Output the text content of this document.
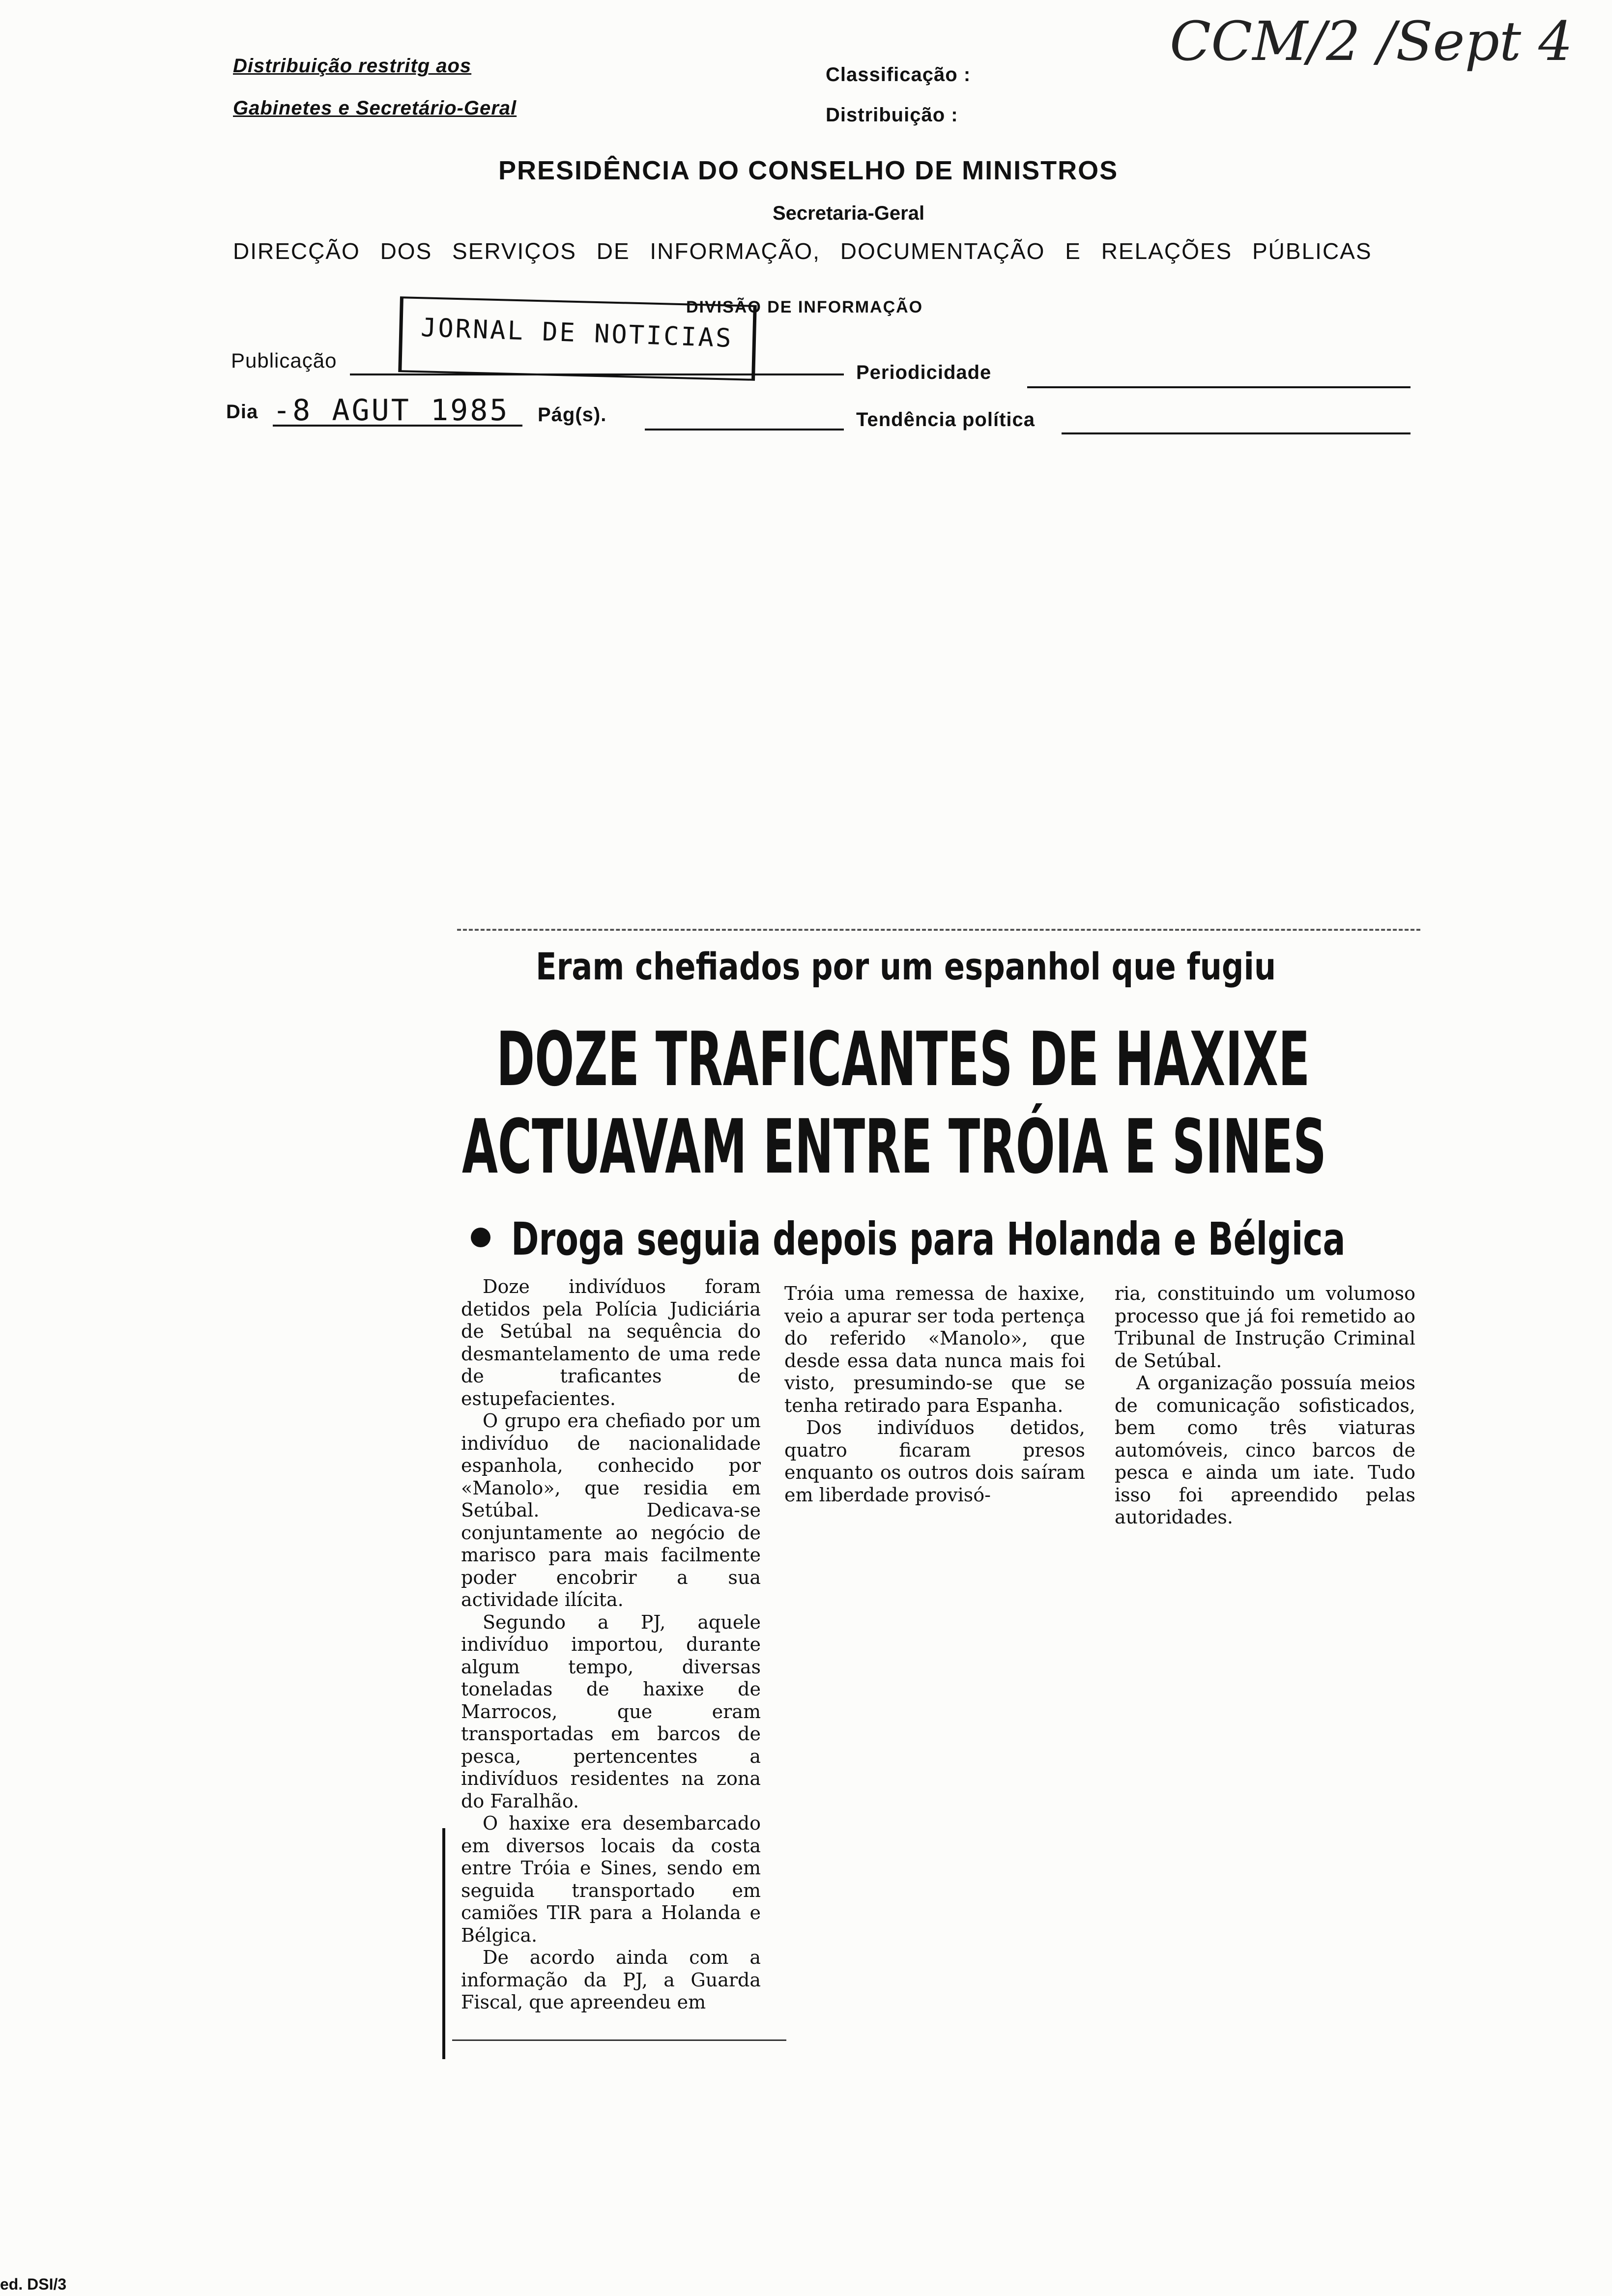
Distribuição restritg aos
Gabinetes e Secretário-Geral
Classificação :
Distribuição :
CCM/2 /Sept 4
PRESIDÊNCIA DO CONSELHO DE MINISTROS
Secretaria-Geral
DIRECÇÃO DOS SERVIÇOS DE INFORMAÇÃO, DOCUMENTAÇÃO E RELAÇÕES PÚBLICAS
DIVISÃO DE INFORMAÇÃO
Publicação
JORNAL DE NOTICIAS
Periodicidade
Dia -8 AGUT 1985 Pág(s).	Tendência política
Eram chefiados por um espanhol que fugiu
DOZE TRAFICANTES DE HAXIXE
ACTUAVAM ENTRE TRÓIA E SINES
Droga seguia depois para Holanda e Bélgica

Doze indivíduos foram detidos pela Polícia Judiciária de Setúbal na sequência do desmantelamento de uma rede de traficantes de estupefacientes.

O grupo era chefiado por um indivíduo de nacionalidade espanhola, conhecido por «Manolo», que residia em Setúbal. Dedicava-se conjuntamente ao negócio de marisco para mais facilmente poder encobrir a sua actividade ilícita.

Segundo a PJ, aquele indivíduo importou, durante algum tempo, diversas toneladas de haxixe de Marrocos, que eram transportadas em barcos de pesca, pertencentes a indivíduos residentes na zona do Faralhão.

O haxixe era desembarcado em diversos locais da costa entre Tróia e Sines, sendo em seguida transportado em camiões TIR para a Holanda e Bélgica.

De acordo ainda com a informação da PJ, a Guarda Fiscal, que apreendeu em

Tróia uma remessa de haxixe, veio a apurar ser toda pertença do referido «Manolo», que desde essa data nunca mais foi visto, presumindo-se que se tenha retirado para Espanha.

Dos indivíduos detidos, quatro ficaram presos enquanto os outros dois saíram em liberdade provisó-

ria, constituindo um volumoso processo que já foi remetido ao Tribunal de Instrução Criminal de Setúbal.

A organização possuía meios de comunicação sofisticados, bem como três viaturas automóveis, cinco barcos de pesca e ainda um iate. Tudo isso foi apreendido pelas autoridades.

ed. DSI/3
